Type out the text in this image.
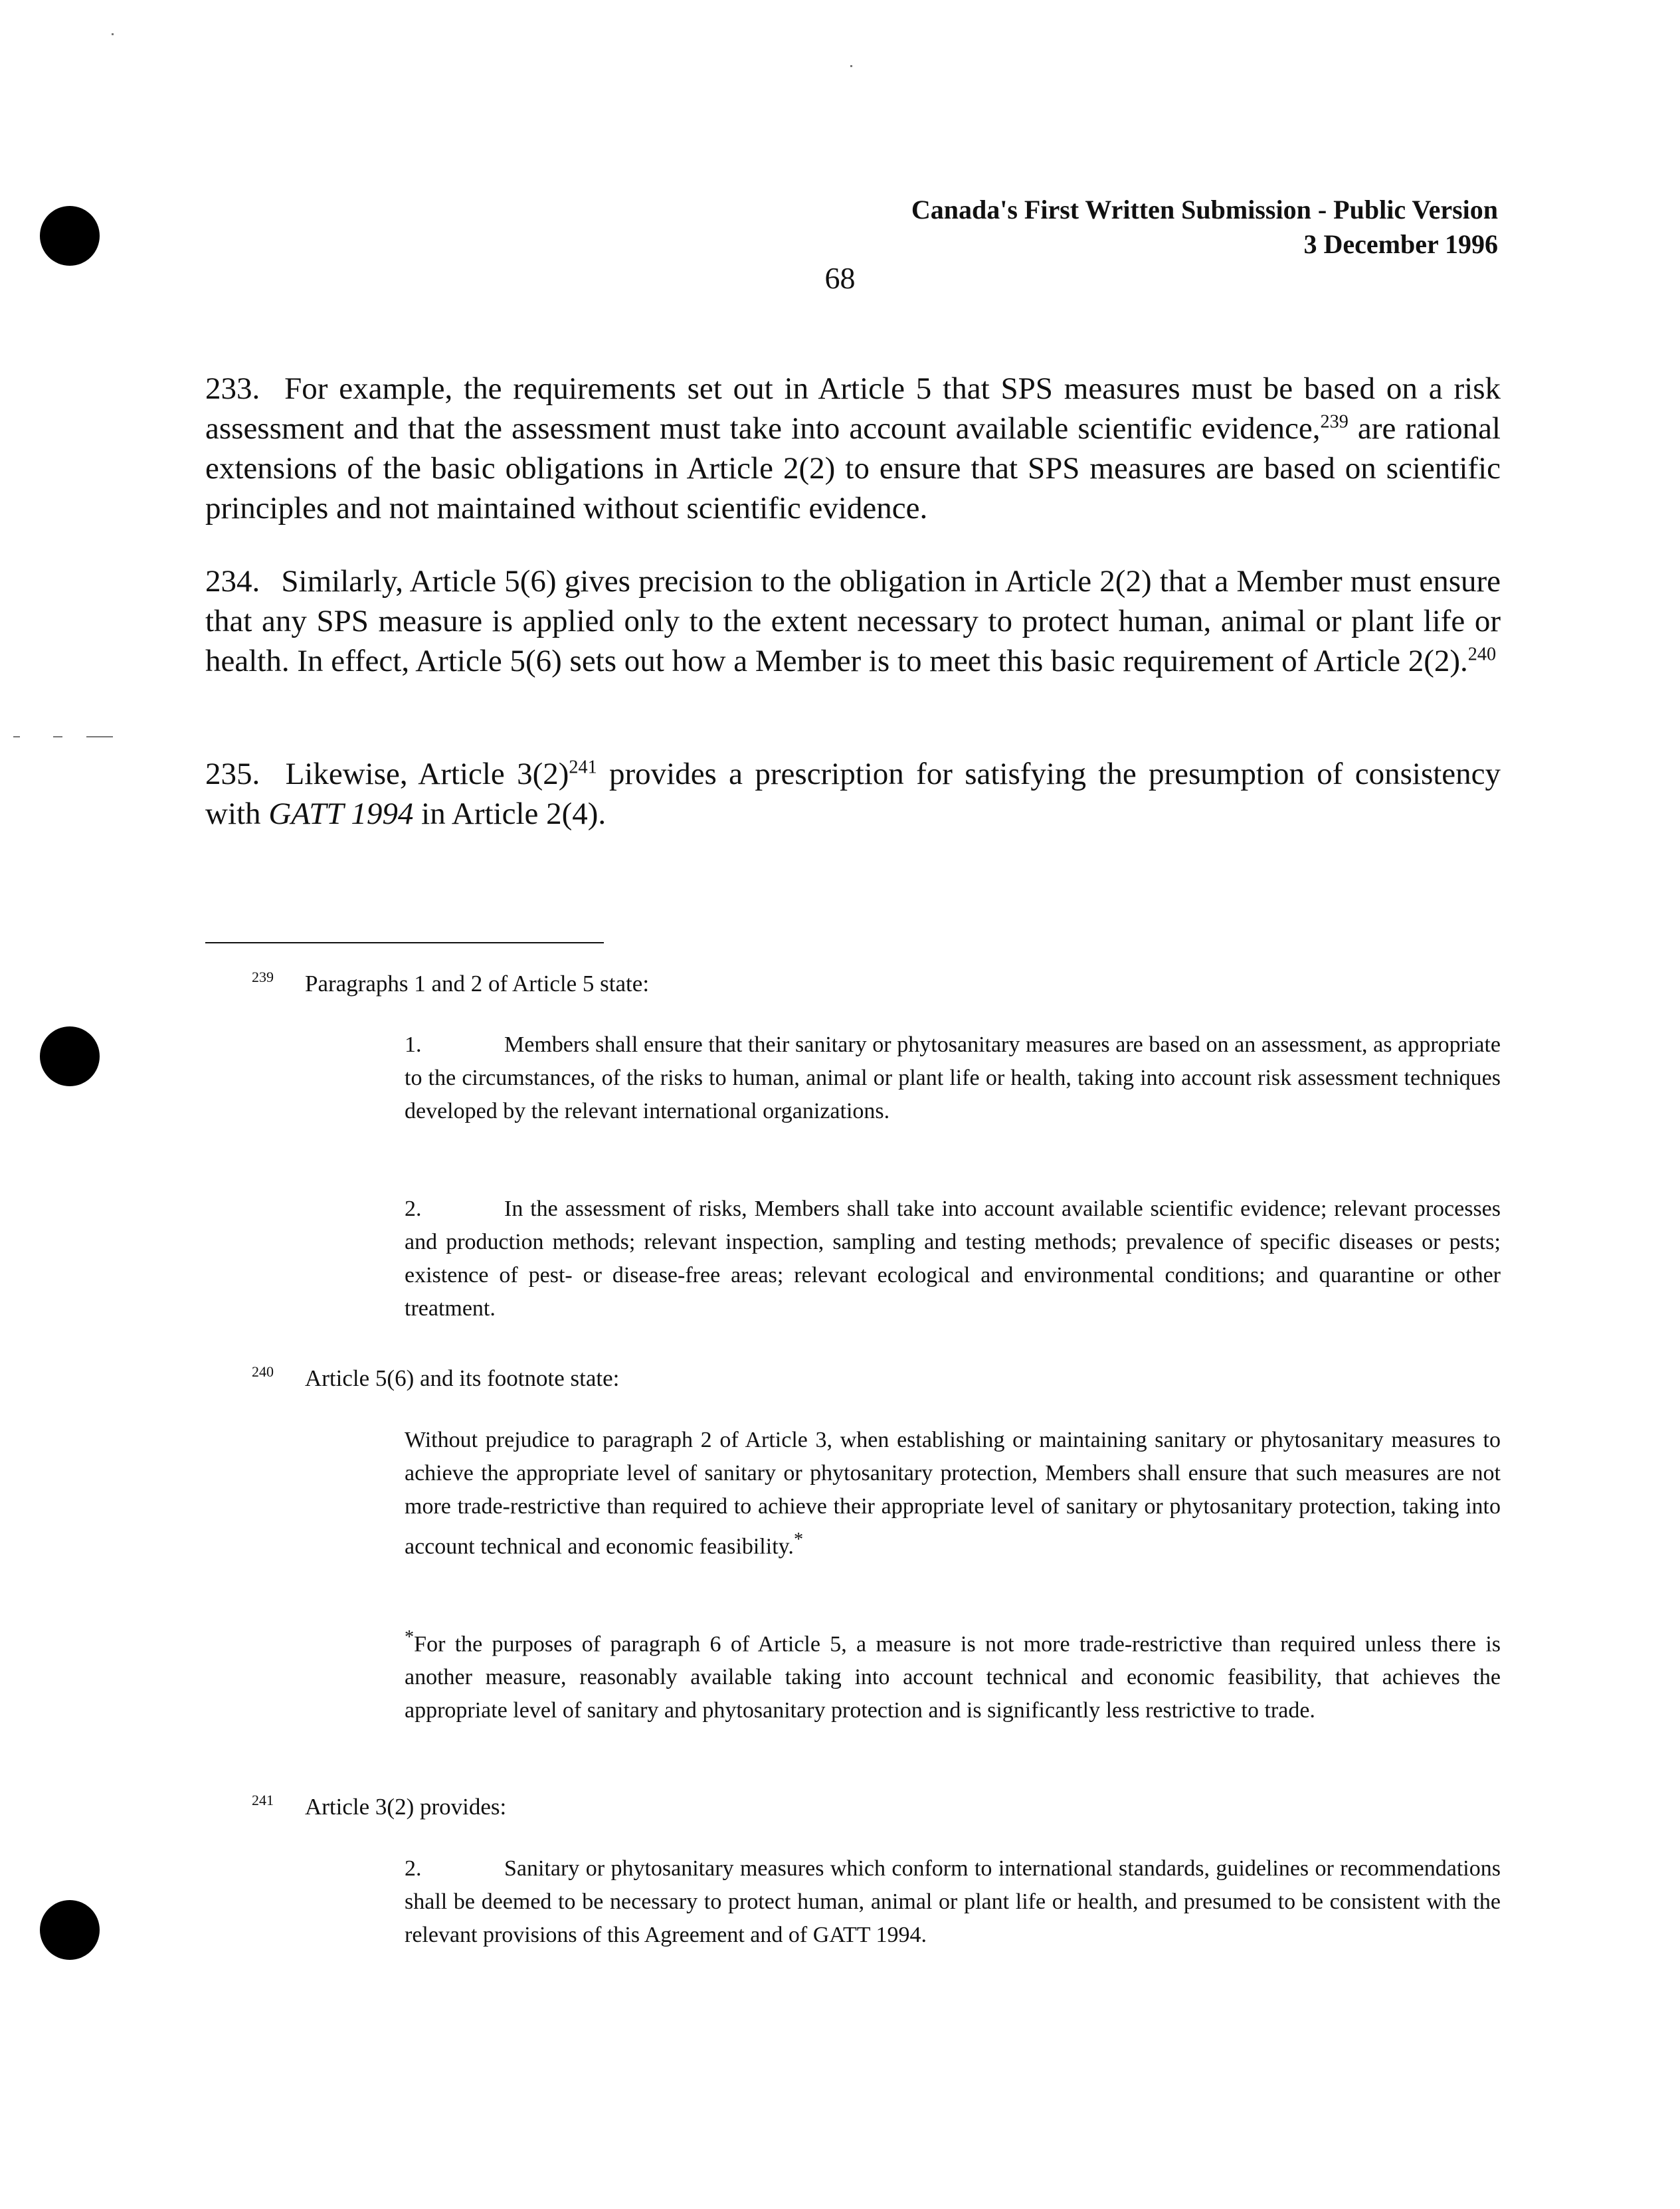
Canada's First Written Submission - Public Version
3 December 1996
68

233. For example, the requirements set out in Article 5 that SPS measures must be based on a risk assessment and that the assessment must take into account available scientific evidence,$^{239}$ are rational extensions of the basic obligations in Article 2(2) to ensure that SPS measures are based on scientific principles and not maintained without scientific evidence.

234. Similarly, Article 5(6) gives precision to the obligation in Article 2(2) that a Member must ensure that any SPS measure is applied only to the extent necessary to protect human, animal or plant life or health. In effect, Article 5(6) sets out how a Member is to meet this basic requirement of Article 2(2).$^{240}$

235. Likewise, Article $3(2)^{241}$ provides a prescription for satisfying the presumption of consistency with GATT 1994 in Article 2(4).

239 Paragraphs 1 and 2 of Article 5 state:

1.	Members shall ensure that their sanitary or phytosanitary measures are based on an assessment, as appropriate to the circumstances, of the risks to human, animal or plant life or health, taking into account risk assessment techniques developed by the relevant international organizations.

2.	In the assessment of risks, Members shall take into account available scientific evidence; relevant processes and production methods; relevant inspection, sampling and testing methods; prevalence of specific diseases or pests; existence of pest- or disease-free areas; relevant ecological and environmental conditions; and quarantine or other treatment.

240 Article 5(6) and its footnote state:

Without prejudice to paragraph 2 of Article 3, when establishing or maintaining sanitary or phytosanitary measures to achieve the appropriate level of sanitary or phytosanitary protection, Members shall ensure that such measures are not more trade-restrictive than required to achieve their appropriate level of sanitary or phytosanitary protection, taking into account technical and economic feasibility.*

*For the purposes of paragraph 6 of Article 5, a measure is not more trade-restrictive than required unless there is another measure, reasonably available taking into account technical and economic feasibility, that achieves the appropriate level of sanitary and phytosanitary protection and is significantly less restrictive to trade.

241 Article 3(2) provides:

2.	Sanitary or phytosanitary measures which conform to international standards, guidelines or recommendations shall be deemed to be necessary to protect human, animal or plant life or health, and presumed to be consistent with the relevant provisions of this Agreement and of GATT 1994.
